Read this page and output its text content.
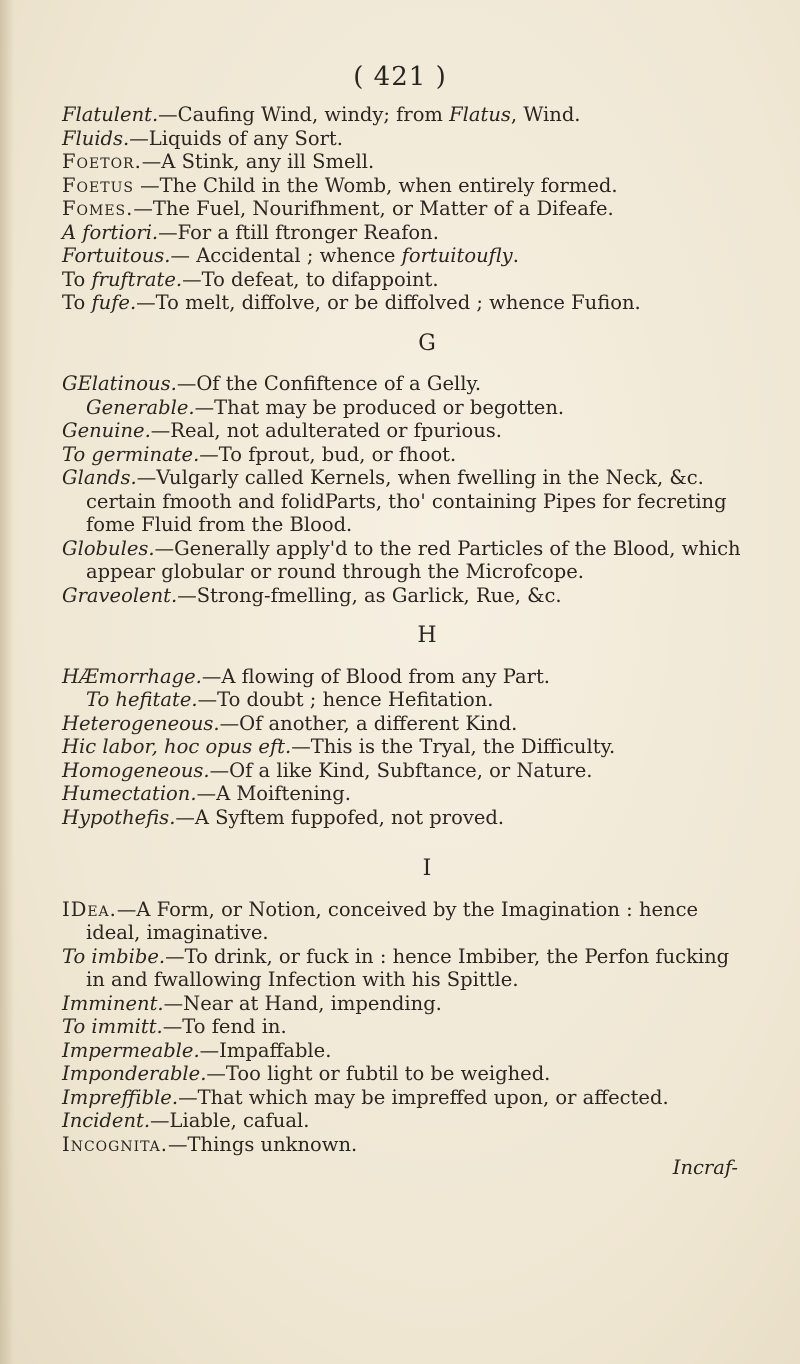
( 421 )

Flatulent.—Caufing Wind, windy; from Flatus, Wind.

Fluids.—Liquids of any Sort.

Foetor.—A Stink, any ill Smell.

Foetus —The Child in the Womb, when entirely formed.

Fomes.—The Fuel, Nourifhment, or Matter of a Difeafe.

A fortiori.—For a ftill ftronger Reafon.

Fortuitous.— Accidental ; whence fortuitoufly.

To fruftrate.—To defeat, to difappoint.

To fufe.—To melt, diffolve, or be diffolved ; whence Fufion.

G

GElatinous.—Of the Confiftence of a Gelly.

Generable.—That may be produced or begotten.

Genuine.—Real, not adulterated or fpurious.

To germinate.—To fprout, bud, or fhoot.

Glands.—Vulgarly called Kernels, when fwelling in the Neck, &c. certain fmooth and folidParts, tho' containing Pipes for fecreting fome Fluid from the Blood.

Globules.—Generally apply'd to the red Particles of the Blood, which appear globular or round through the Microfcope.

Graveolent.—Strong-fmelling, as Garlick, Rue, &c.

H

HÆmorrhage.—A flowing of Blood from any Part.

To hefitate.—To doubt ; hence Hefitation.

Heterogeneous.—Of another, a different Kind.

Hic labor, hoc opus eft.—This is the Tryal, the Difficulty.

Homogeneous.—Of a like Kind, Subftance, or Nature.

Humectation.—A Moiftening.

Hypothefis.—A Syftem fuppofed, not proved.

I

IDea.—A Form, or Notion, conceived by the Imagination : hence ideal, imaginative.

To imbibe.—To drink, or fuck in : hence Imbiber, the Perfon fucking in and fwallowing Infection with his Spittle.

Imminent.—Near at Hand, impending.

To immitt.—To fend in.

Impermeable.—Impaffable.

Imponderable.—Too light or fubtil to be weighed.

Impreffible.—That which may be impreffed upon, or affected.

Incident.—Liable, cafual.

Incognita.—Things unknown.

Incraf-
